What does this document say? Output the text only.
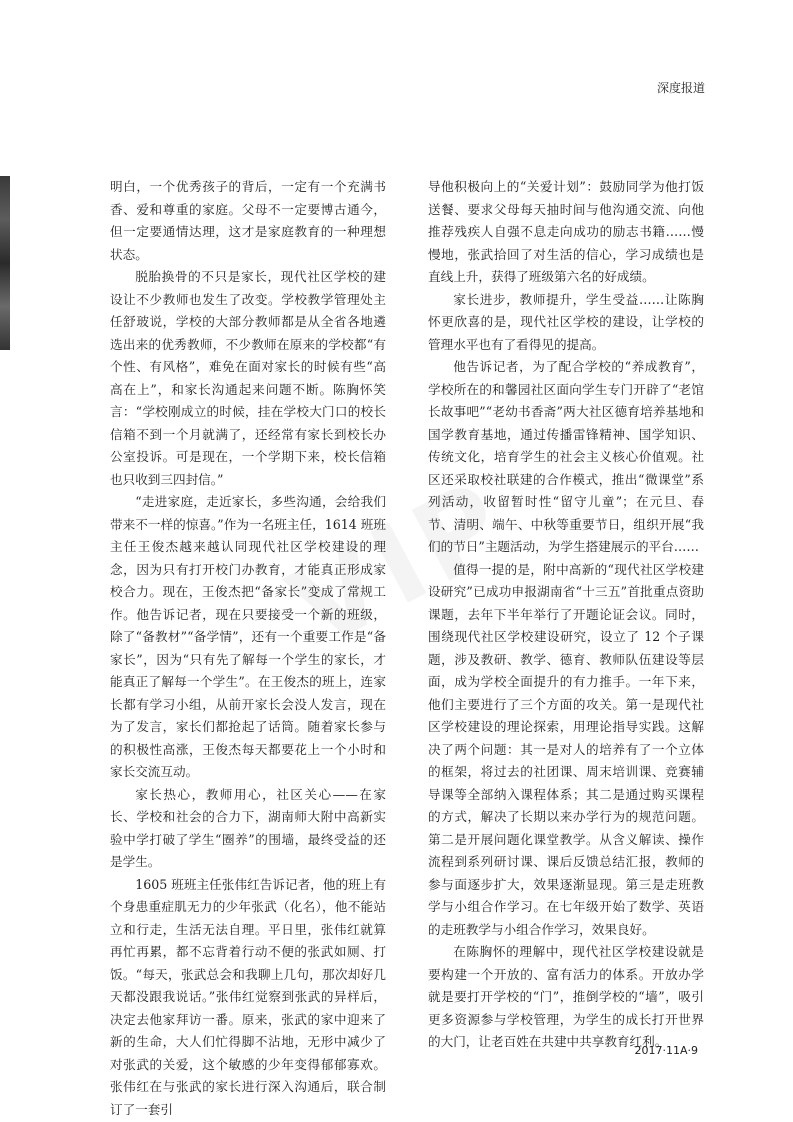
深度报道

明白，一个优秀孩子的背后，一定有一个充满书香、爱和尊重的家庭。父母不一定要博古通今，但一定要通情达理，这才是家庭教育的一种理想状态。

脱胎换骨的不只是家长，现代社区学校的建设让不少教师也发生了改变。学校教学管理处主任舒玻说，学校的大部分教师都是从全省各地遴选出来的优秀教师，不少教师在原来的学校都“有个性、有风格”，难免在面对家长的时候有些“高高在上”，和家长沟通起来问题不断。陈胸怀笑言：“学校刚成立的时候，挂在学校大门口的校长信箱不到一个月就满了，还经常有家长到校长办公室投诉。可是现在，一个学期下来，校长信箱也只收到三四封信。”

“走进家庭，走近家长，多些沟通，会给我们带来不一样的惊喜。”作为一名班主任，1614 班班主任王俊杰越来越认同现代社区学校建设的理念，因为只有打开校门办教育，才能真正形成家校合力。现在，王俊杰把“备家长”变成了常规工作。他告诉记者，现在只要接受一个新的班级，除了“备教材”“备学情”，还有一个重要工作是“备家长”，因为“只有先了解每一个学生的家长，才能真正了解每一个学生”。在王俊杰的班上，连家长都有学习小组，从前开家长会没人发言，现在为了发言，家长们都抢起了话筒。随着家长参与的积极性高涨，王俊杰每天都要花上一个小时和家长交流互动。

家长热心，教师用心，社区关心——在家长、学校和社会的合力下，湖南师大附中高新实验中学打破了学生“圈养”的围墙，最终受益的还是学生。

1605 班班主任张伟红告诉记者，他的班上有个身患重症肌无力的少年张武（化名），他不能站立和行走，生活无法自理。平日里，张伟红就算再忙再累，都不忘背着行动不便的张武如厕、打饭。“每天，张武总会和我聊上几句，那次却好几天都没跟我说话。”张伟红觉察到张武的异样后，决定去他家拜访一番。原来，张武的家中迎来了新的生命，大人们忙得脚不沾地，无形中减少了对张武的关爱，这个敏感的少年变得郁郁寡欢。张伟红在与张武的家长进行深入沟通后，联合制订了一套引

导他积极向上的“关爱计划”：鼓励同学为他打饭送餐、要求父母每天抽时间与他沟通交流、向他推荐残疾人自强不息走向成功的励志书籍……慢慢地，张武拾回了对生活的信心，学习成绩也是直线上升，获得了班级第六名的好成绩。

家长进步，教师提升，学生受益……让陈胸怀更欣喜的是，现代社区学校的建设，让学校的管理水平也有了看得见的提高。

他告诉记者，为了配合学校的“养成教育”，学校所在的和馨园社区面向学生专门开辟了“老馆长故事吧”“老幼书香斋”两大社区德育培养基地和国学教育基地，通过传播雷锋精神、国学知识、传统文化，培育学生的社会主义核心价值观。社区还采取校社联建的合作模式，推出“微课堂”系列活动，收留暂时性“留守儿童”；在元旦、春节、清明、端午、中秋等重要节日，组织开展“我们的节日”主题活动，为学生搭建展示的平台……

值得一提的是，附中高新的“现代社区学校建设研究”已成功申报湖南省“十三五”首批重点资助课题，去年下半年举行了开题论证会议。同时，围绕现代社区学校建设研究，设立了 12 个子课题，涉及教研、教学、德育、教师队伍建设等层面，成为学校全面提升的有力推手。一年下来，他们主要进行了三个方面的攻关。第一是现代社区学校建设的理论探索，用理论指导实践。这解决了两个问题：其一是对人的培养有了一个立体的框架，将过去的社团课、周末培训课、竞赛辅导课等全部纳入课程体系；其二是通过购买课程的方式，解决了长期以来办学行为的规范问题。第二是开展问题化课堂教学。从含义解读、操作流程到系列研讨课、课后反馈总结汇报，教师的参与面逐步扩大，效果逐渐显现。第三是走班教学与小组合作学习。在七年级开始了数学、英语的走班教学与小组合作学习，效果良好。

在陈胸怀的理解中，现代社区学校建设就是要构建一个开放的、富有活力的体系。开放办学就是要打开学校的“门”，推倒学校的“墙”，吸引更多资源参与学校管理，为学生的成长打开世界的大门，让老百姓在共建中共享教育红利。

2017·11A·9
